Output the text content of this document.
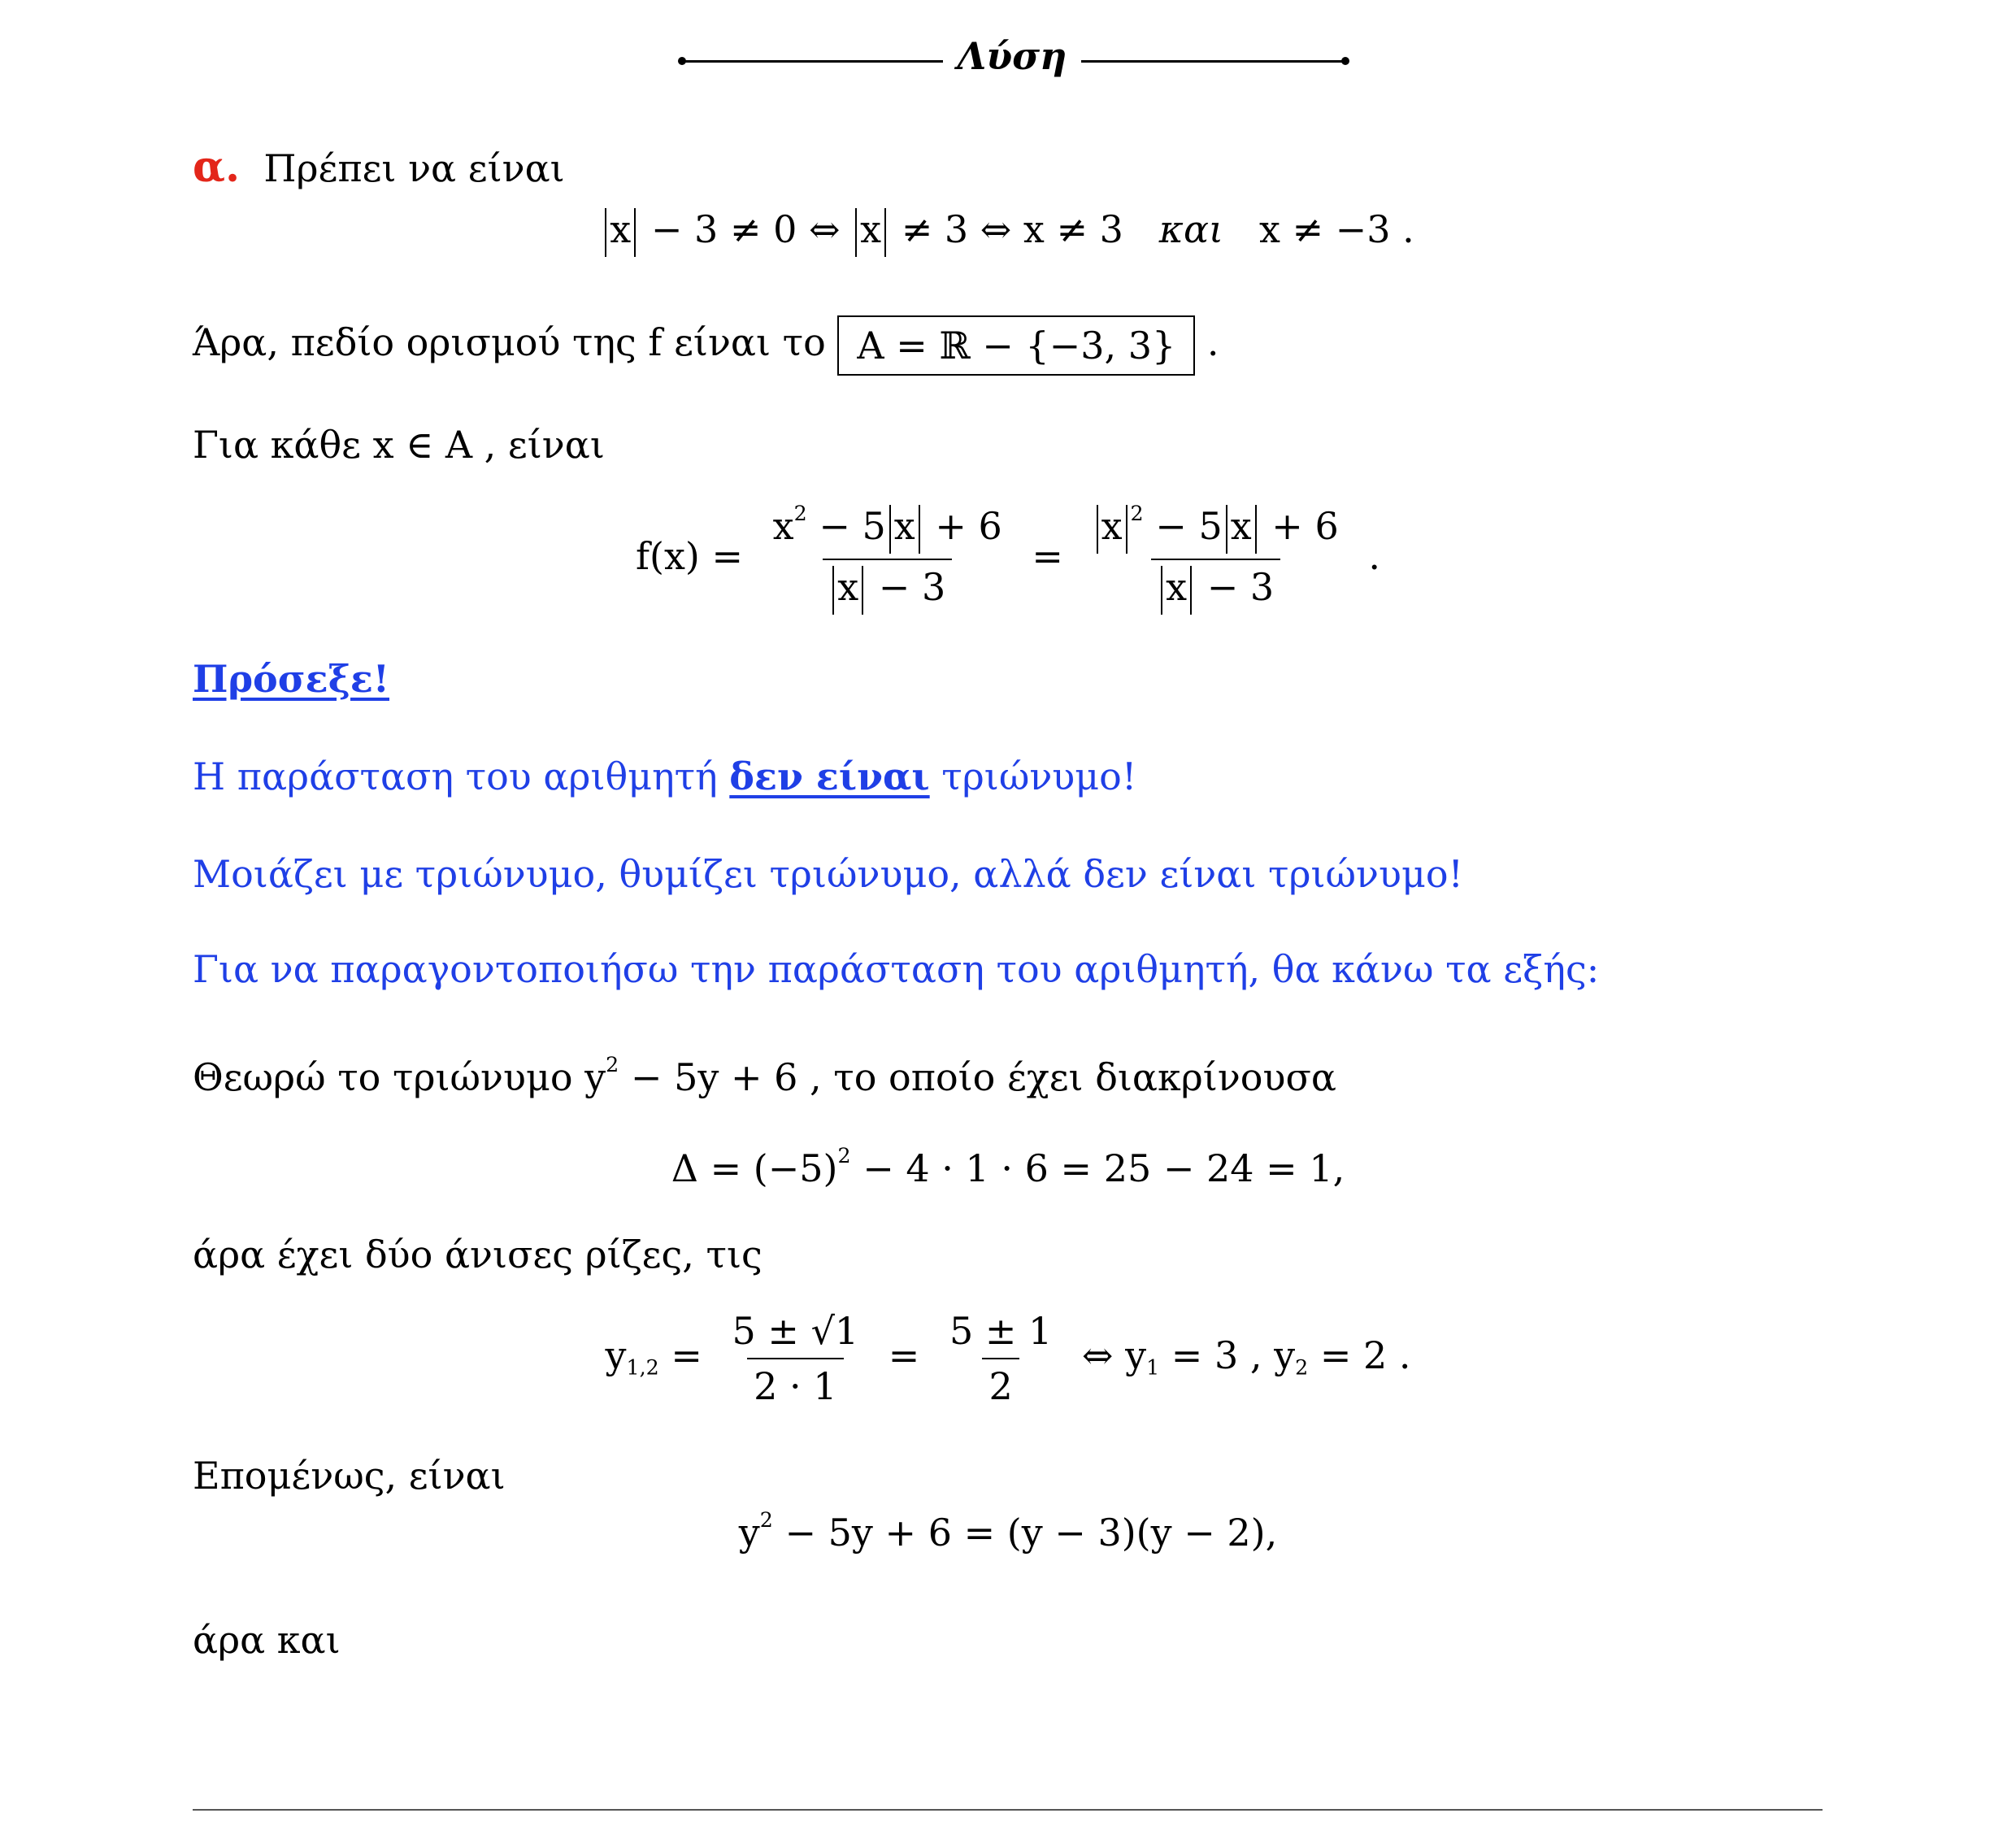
Λύση
α. Πρέπει να είναι
x − 3 ≠ 0 ⇔ x ≠ 3 ⇔ x ≠ 3 και x ≠ −3 .
Άρα, πεδίο ορισμού της f είναι το A = ℝ − {−3, 3} .
Για κάθε x ∈ A , είναι
$f(x) = \frac{x^2 - 5 x + 6}{x - 3} = \frac{x ^2 - 5 x + 6}{x - 3}$ .
Πρόσεξε!
Η παράσταση του αριθμητή δεν είναι τριώνυμο!
Μοιάζει με τριώνυμο, θυμίζει τριώνυμο, αλλά δεν είναι τριώνυμο!
Για να παραγοντοποιήσω την παράσταση του αριθμητή, θα κάνω τα εξής:
Θεωρώ το τριώνυμο $y^2 - 5y + 6$ , το οποίο έχει διακρίνουσα
$\Delta = (-5)^2 - 4 \cdot 1 \cdot 6 = 25 - 24 = 1$,
άρα έχει δύο άνισες ρίζες, τις
$y_{1,2} = \frac{5 \pm √1}{2 \cdot 1} = \frac{5 \pm 1}{2}$ ⇔ $y_1 = 3$ , $y_2 = 2$ .
Επομένως, είναι
$y^2 - 5y + 6 = (y - 3)(y - 2)$,
άρα και
